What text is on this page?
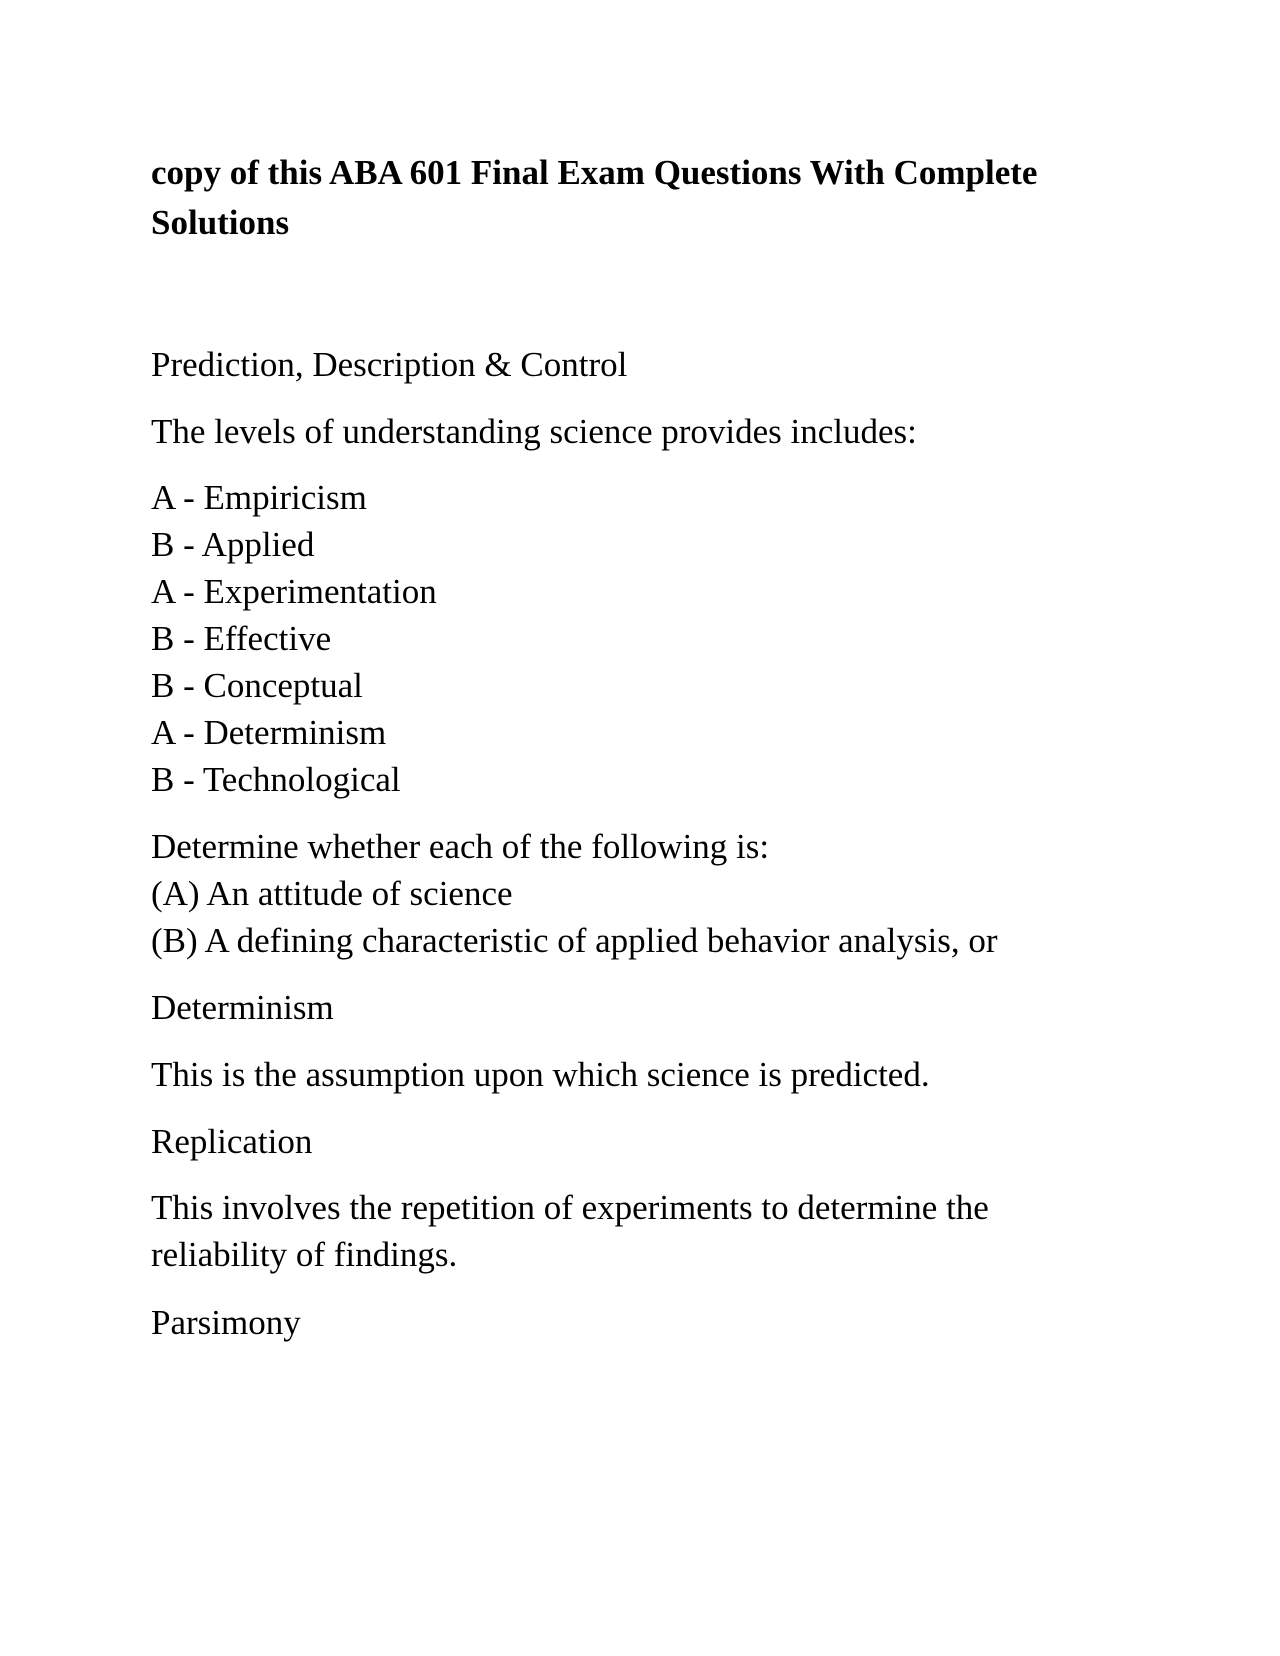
copy of this ABA 601 Final Exam Questions With Complete Solutions

Prediction, Description & Control

The levels of understanding science provides includes:

A - Empiricism

B - Applied

A - Experimentation

B - Effective

B - Conceptual

A - Determinism

B - Technological

Determine whether each of the following is:

(A) An attitude of science

(B) A defining characteristic of applied behavior analysis, or

Determinism

This is the assumption upon which science is predicted.

Replication

This involves the repetition of experiments to determine the reliability of findings.

Parsimony
